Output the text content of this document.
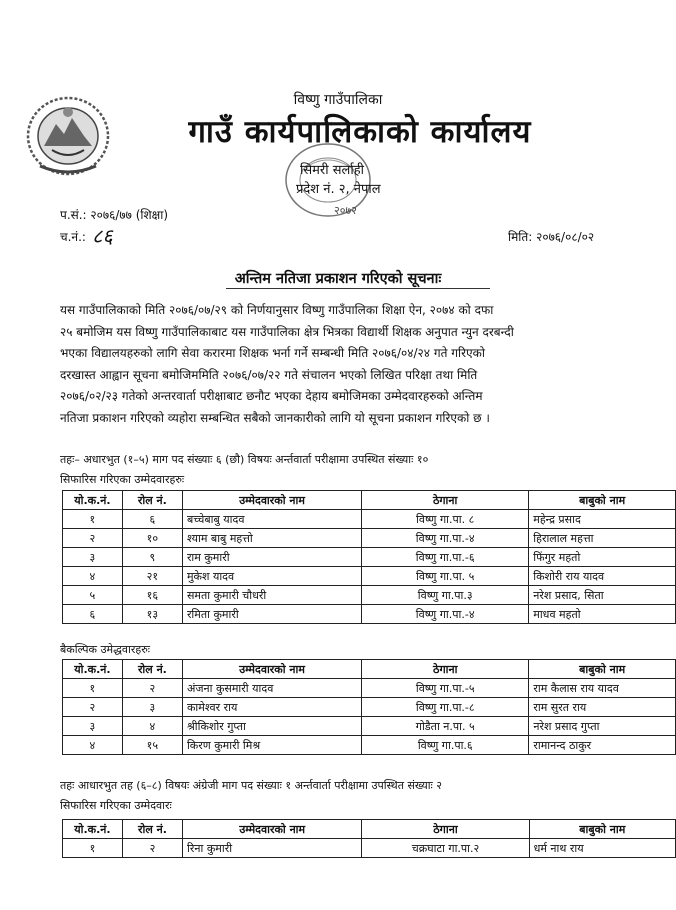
विष्णु गाउँपालिका
गाउँ कार्यपालिकाको कार्यालय
सिमरी सर्लाही
प्रदेश नं. २, नेपाल
२०७२
प.सं.: २०७६/७७ (शिक्षा)
च.नं.: ८६	मिति: २०७६/०८/०२
अन्तिम नतिजा प्रकाशन गरिएको सूचनाः
यस गाउँपालिकाको मिति २०७६/०७/२९ को निर्णयानुसार विष्णु गाउँपालिका शिक्षा ऐन, २०७४ को दफा
२५ बमोजिम यस विष्णु गाउँपालिकाबाट यस गाउँपालिका क्षेत्र भित्रका विद्यार्थी शिक्षक अनुपात न्युन दरबन्दी
भएका विद्यालयहरुको लागि सेवा करारमा शिक्षक भर्ना गर्ने सम्बन्धी मिति २०७६/०४/२४ गते गरिएको
दरखास्त आह्वान सूचना बमोजिममिति २०७६/०७/२२ गते संचालन भएको लिखित परिक्षा तथा मिति
२०७६/०२/२३ गतेको अन्तरवार्ता परीक्षाबाट छनौट भएका देहाय बमोजिमका उम्मेदवारहरुको अन्तिम
नतिजा प्रकाशन गरिएको व्यहोरा सम्बन्धित सबैको जानकारीको लागि यो सूचना प्रकाशन गरिएको छ ।
तहः– अधारभुत (१–५) माग पद संख्याः ६ (छौ) विषयः अर्न्तवार्ता परीक्षामा उपस्थित संख्याः १०
सिफारिस गरिएका उम्मेदवारहरुः
यो.क.नं.	रोल नं.	उम्मेदवारको नाम	ठेगाना	बाबुको नाम
१	६	बच्चेबाबु यादव	विष्णु गा.पा. ८	महेन्द्र प्रसाद
२	१०	श्याम बाबु महत्तो	विष्णु गा.पा.-४	हिरालाल महत्ता
३	९	राम कुमारी	विष्णु गा.पा.-६	फिंगुर महतो
४	२१	मुकेश यादव	विष्णु गा.पा. ५	किशोरी राय यादव
५	१६	समता कुमारी चौधरी	विष्णु गा.पा.३	नरेश प्रसाद, सिता
६	१३	रमिता कुमारी	विष्णु गा.पा.-४	माधव महतो
बैकल्पिक उमेद्धवारहरुः
यो.क.नं.	रोल नं.	उम्मेदवारको नाम	ठेगाना	बाबुको नाम
१	२	अंजना कुसमारी यादव	विष्णु गा.पा.-५	राम कैलास राय यादव
२	३	कामेश्वर राय	विष्णु गा.पा.-८	राम सुरत राय
३	४	श्रीकिशोर गुप्ता	गोडैता न.पा. ५	नरेश प्रसाद गुप्ता
४	१५	किरण कुमारी मिश्र	विष्णु गा.पा.६	रामानन्द ठाकुर
तहः आधारभुत तह (६–८) विषयः अंग्रेजी माग पद संख्याः १ अर्न्तवार्ता परीक्षामा उपस्थित संख्याः २
सिफारिस गरिएका उम्मेदवारः
यो.क.नं.	रोल नं.	उम्मेदवारको नाम	ठेगाना	बाबुको नाम
१	२	रिना कुमारी	चक्रघाटा गा.पा.२	धर्म नाथ राय
